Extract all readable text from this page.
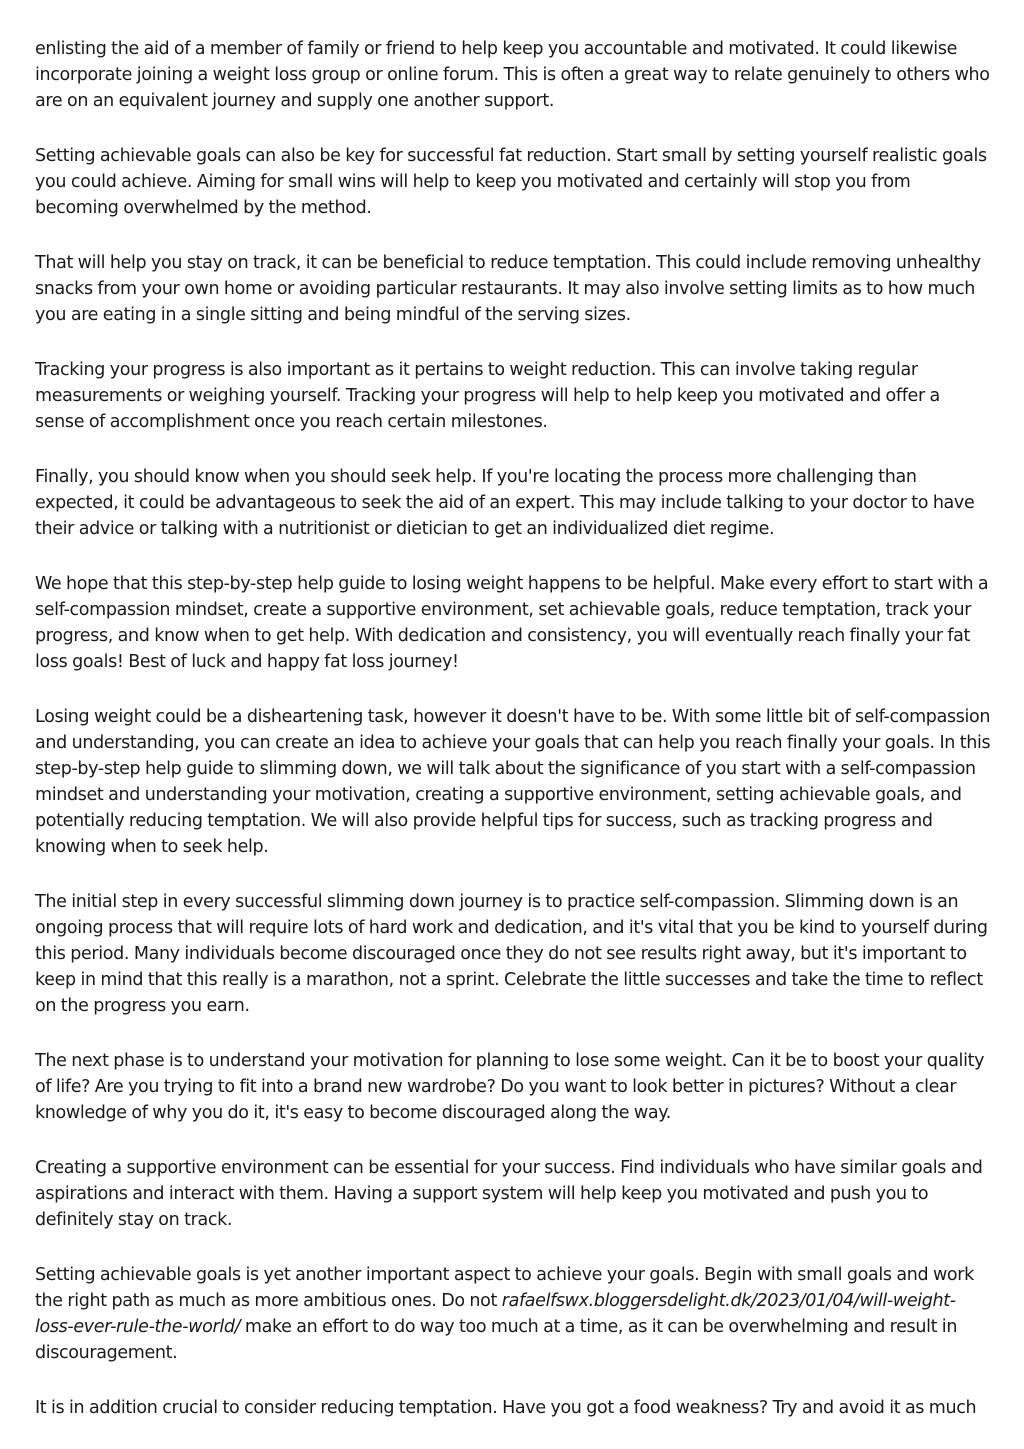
enlisting the aid of a member of family or friend to help keep you accountable and motivated. It could likewise incorporate joining a weight loss group or online forum. This is often a great way to relate genuinely to others who are on an equivalent journey and supply one another support.

Setting achievable goals can also be key for successful fat reduction. Start small by setting yourself realistic goals you could achieve. Aiming for small wins will help to keep you motivated and certainly will stop you from becoming overwhelmed by the method.

That will help you stay on track, it can be beneficial to reduce temptation. This could include removing unhealthy snacks from your own home or avoiding particular restaurants. It may also involve setting limits as to how much you are eating in a single sitting and being mindful of the serving sizes.

Tracking your progress is also important as it pertains to weight reduction. This can involve taking regular measurements or weighing yourself. Tracking your progress will help to help keep you motivated and offer a sense of accomplishment once you reach certain milestones.

Finally, you should know when you should seek help. If you're locating the process more challenging than expected, it could be advantageous to seek the aid of an expert. This may include talking to your doctor to have their advice or talking with a nutritionist or dietician to get an individualized diet regime.

We hope that this step-by-step help guide to losing weight happens to be helpful. Make every effort to start with a self-compassion mindset, create a supportive environment, set achievable goals, reduce temptation, track your progress, and know when to get help. With dedication and consistency, you will eventually reach finally your fat loss goals! Best of luck and happy fat loss journey!

Losing weight could be a disheartening task, however it doesn't have to be. With some little bit of self-compassion and understanding, you can create an idea to achieve your goals that can help you reach finally your goals. In this step-by-step help guide to slimming down, we will talk about the significance of you start with a self-compassion mindset and understanding your motivation, creating a supportive environment, setting achievable goals, and potentially reducing temptation. We will also provide helpful tips for success, such as tracking progress and knowing when to seek help.

The initial step in every successful slimming down journey is to practice self-compassion. Slimming down is an ongoing process that will require lots of hard work and dedication, and it's vital that you be kind to yourself during this period. Many individuals become discouraged once they do not see results right away, but it's important to keep in mind that this really is a marathon, not a sprint. Celebrate the little successes and take the time to reflect on the progress you earn.

The next phase is to understand your motivation for planning to lose some weight. Can it be to boost your quality of life? Are you trying to fit into a brand new wardrobe? Do you want to look better in pictures? Without a clear knowledge of why you do it, it's easy to become discouraged along the way.

Creating a supportive environment can be essential for your success. Find individuals who have similar goals and aspirations and interact with them. Having a support system will help keep you motivated and push you to definitely stay on track.

Setting achievable goals is yet another important aspect to achieve your goals. Begin with small goals and work the right path as much as more ambitious ones. Do not rafaelfswx.bloggersdelight.dk/2023/01/04/will-weight-loss-ever-rule-the-world/ make an effort to do way too much at a time, as it can be overwhelming and result in discouragement.

It is in addition crucial to consider reducing temptation. Have you got a food weakness? Try and avoid it as much
